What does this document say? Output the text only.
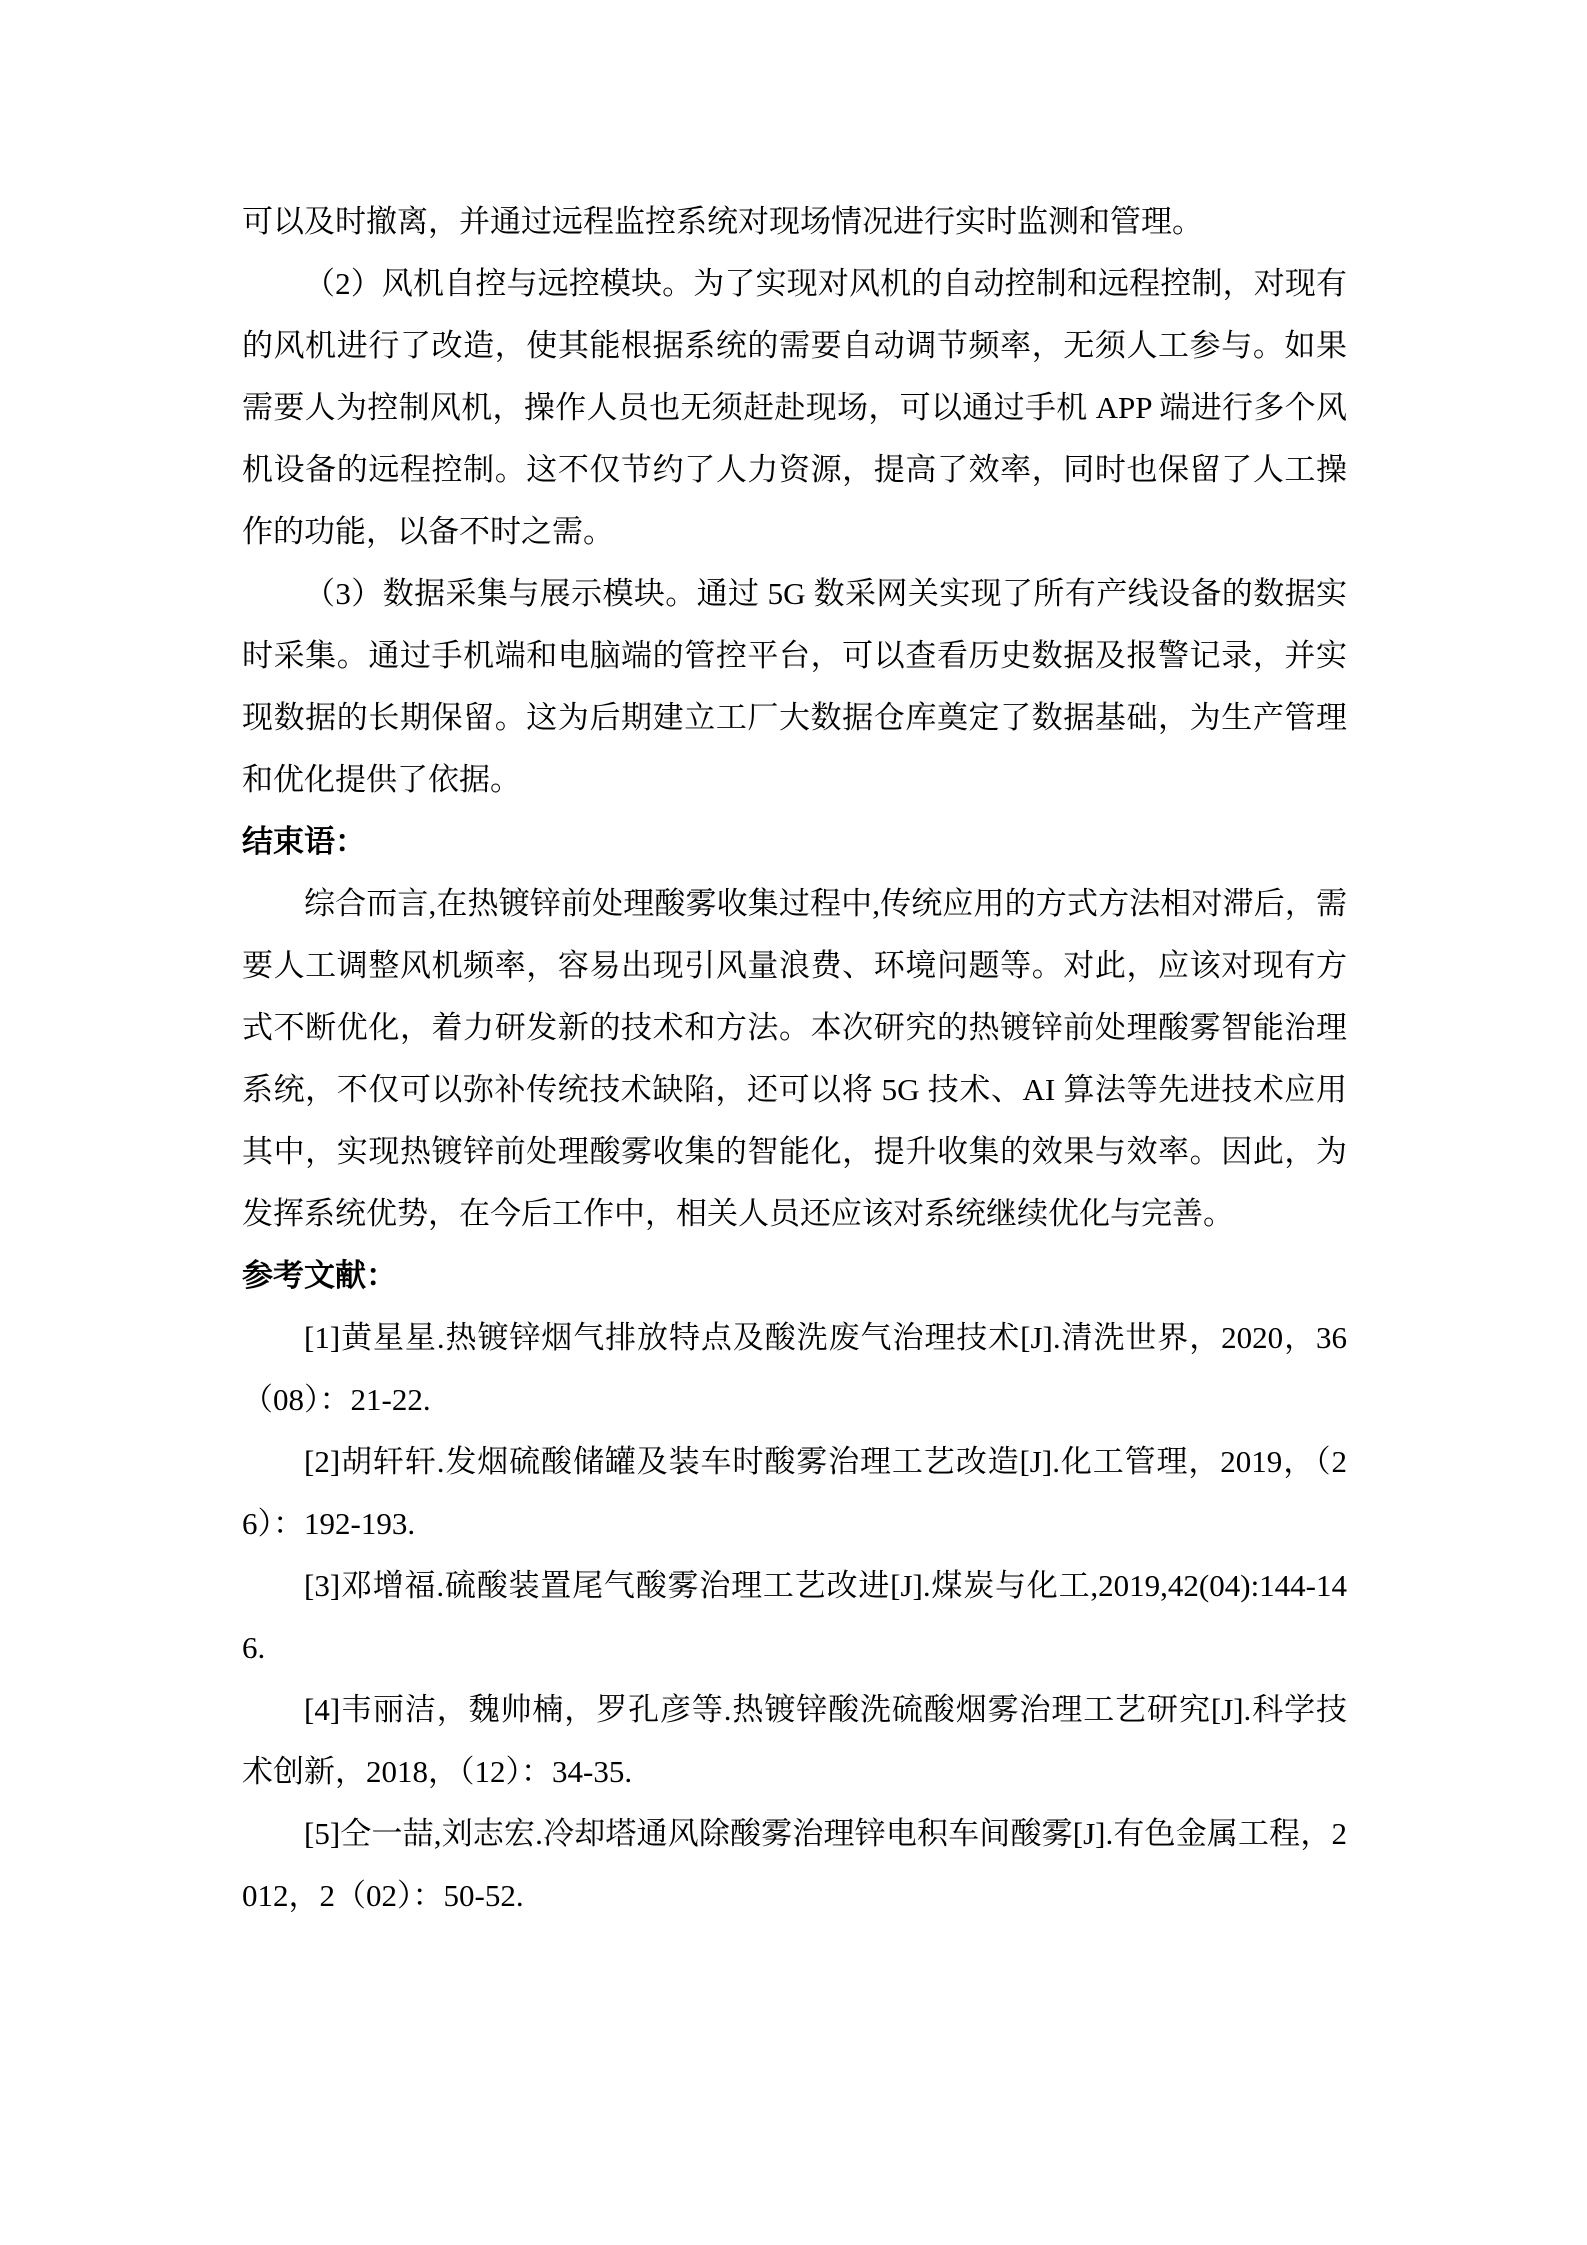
可以及时撤离，并通过远程监控系统对现场情况进行实时监测和管理。

（2）风机自控与远控模块。为了实现对风机的自动控制和远程控制，对现有的风机进行了改造，使其能根据系统的需要自动调节频率，无须人工参与。如果需要人为控制风机，操作人员也无须赶赴现场，可以通过手机 APP 端进行多个风机设备的远程控制。这不仅节约了人力资源，提高了效率，同时也保留了人工操作的功能，以备不时之需。

（3）数据采集与展示模块。通过 5G 数采网关实现了所有产线设备的数据实时采集。通过手机端和电脑端的管控平台，可以查看历史数据及报警记录，并实现数据的长期保留。这为后期建立工厂大数据仓库奠定了数据基础，为生产管理和优化提供了依据。

结束语：

综合而言,在热镀锌前处理酸雾收集过程中,传统应用的方式方法相对滞后，需要人工调整风机频率，容易出现引风量浪费、环境问题等。对此，应该对现有方式不断优化，着力研发新的技术和方法。本次研究的热镀锌前处理酸雾智能治理系统，不仅可以弥补传统技术缺陷，还可以将 5G 技术、AI 算法等先进技术应用其中，实现热镀锌前处理酸雾收集的智能化，提升收集的效果与效率。因此，为发挥系统优势，在今后工作中，相关人员还应该对系统继续优化与完善。

参考文献：

[1]黄星星.热镀锌烟气排放特点及酸洗废气治理技术[J].清洗世界，2020，36（08）：21-22.

[2]胡轩轩.发烟硫酸储罐及装车时酸雾治理工艺改造[J].化工管理，2019，（26）：192-193.

[3]邓增福.硫酸装置尾气酸雾治理工艺改进[J].煤炭与化工,2019,42(04):144-146.

[4]韦丽洁，魏帅楠，罗孔彦等.热镀锌酸洗硫酸烟雾治理工艺研究[J].科学技术创新，2018，（12）：34-35.

[5]仝一喆,刘志宏.冷却塔通风除酸雾治理锌电积车间酸雾[J].有色金属工程，2012，2（02）：50-52.
